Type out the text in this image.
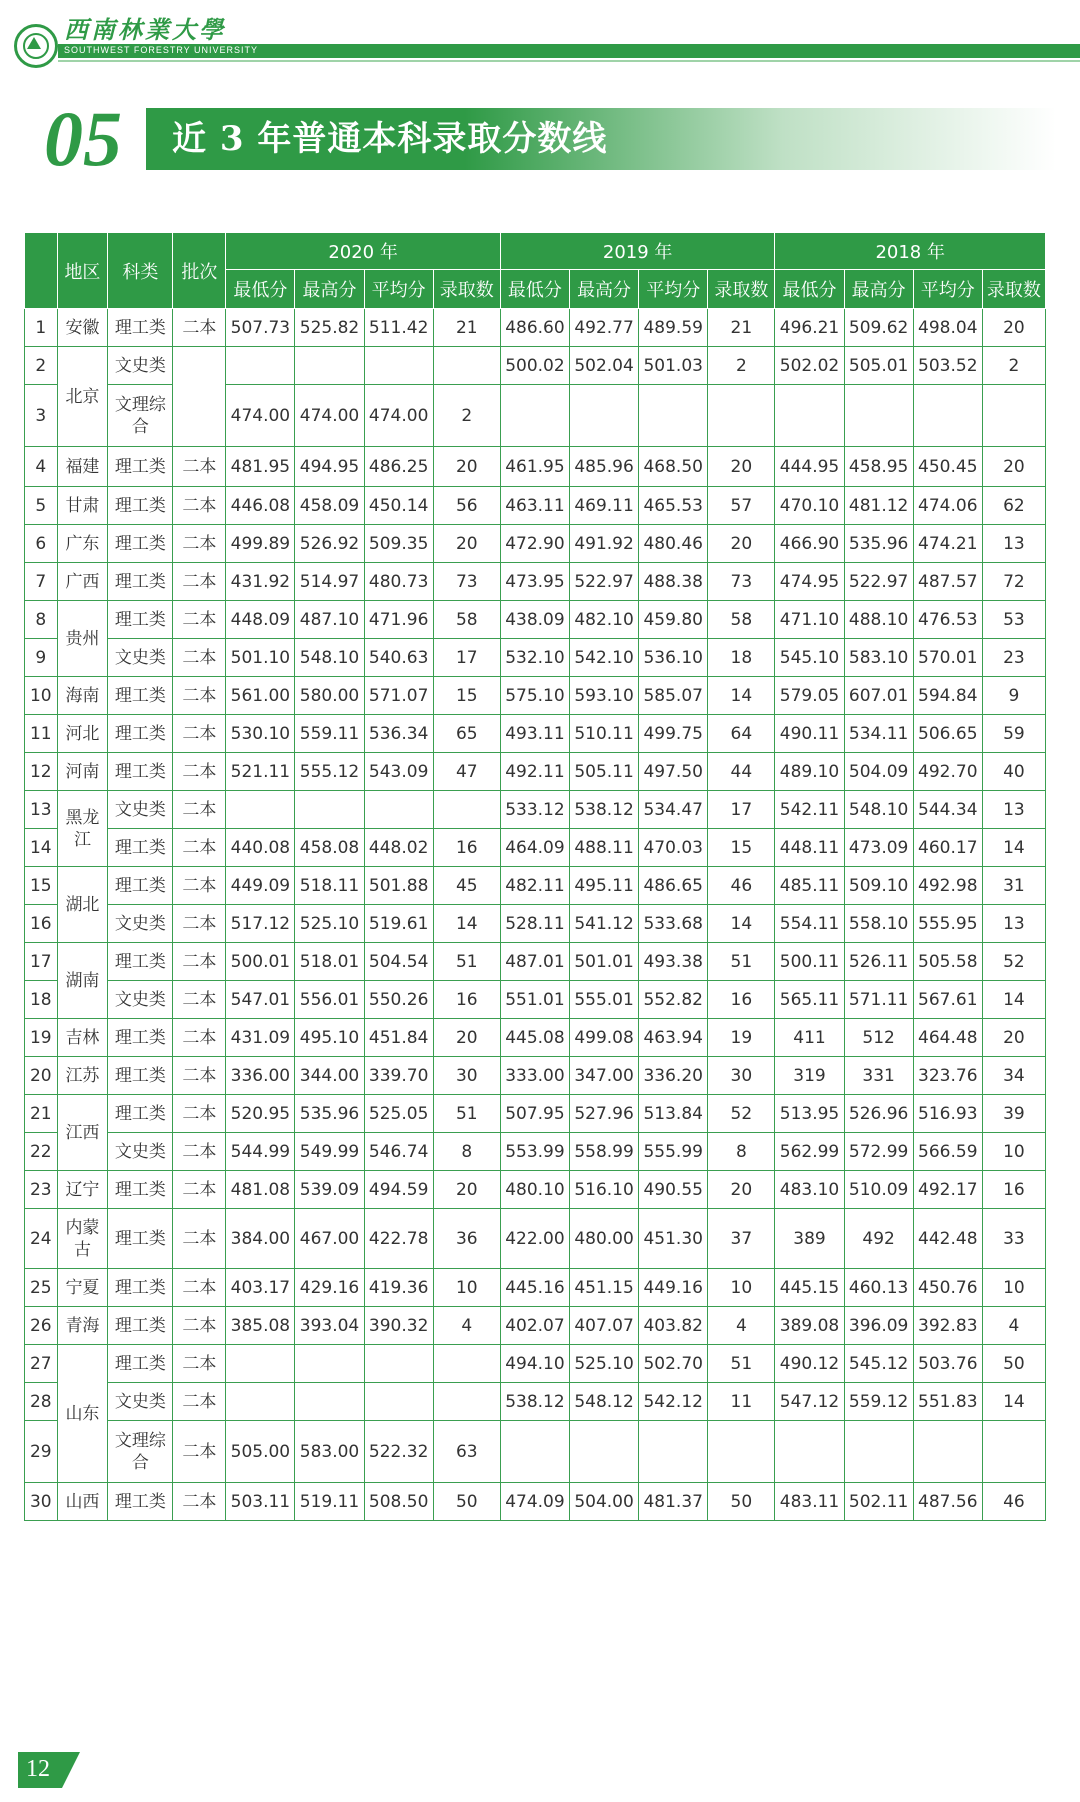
西南林業大學
SOUTHWEST FORESTRY UNIVERSITY
05 近 3 年普通本科录取分数线
	地区	科类	批次	2020 年				2019 年				2018 年			
				最低分	最高分	平均分	录取数	最低分	最高分	平均分	录取数	最低分	最高分	平均分	录取数
1	安徽	理工类	二本	507.73	525.82	511.42	21	486.60	492.77	489.59	21	496.21	509.62	498.04	20
2	北京	文史类						500.02	502.04	501.03	2	502.02	505.01	503.52	2
3		文理综合		474.00	474.00	474.00	2								
4	福建	理工类	二本	481.95	494.95	486.25	20	461.95	485.96	468.50	20	444.95	458.95	450.45	20
5	甘肃	理工类	二本	446.08	458.09	450.14	56	463.11	469.11	465.53	57	470.10	481.12	474.06	62
6	广东	理工类	二本	499.89	526.92	509.35	20	472.90	491.92	480.46	20	466.90	535.96	474.21	13
7	广西	理工类	二本	431.92	514.97	480.73	73	473.95	522.97	488.38	73	474.95	522.97	487.57	72
8	贵州	理工类	二本	448.09	487.10	471.96	58	438.09	482.10	459.80	58	471.10	488.10	476.53	53
9		文史类	二本	501.10	548.10	540.63	17	532.10	542.10	536.10	18	545.10	583.10	570.01	23
10	海南	理工类	二本	561.00	580.00	571.07	15	575.10	593.10	585.07	14	579.05	607.01	594.84	9
11	河北	理工类	二本	530.10	559.11	536.34	65	493.11	510.11	499.75	64	490.11	534.11	506.65	59
12	河南	理工类	二本	521.11	555.12	543.09	47	492.11	505.11	497.50	44	489.10	504.09	492.70	40
13	黑龙江	文史类	二本					533.12	538.12	534.47	17	542.11	548.10	544.34	13
14		理工类	二本	440.08	458.08	448.02	16	464.09	488.11	470.03	15	448.11	473.09	460.17	14
15	湖北	理工类	二本	449.09	518.11	501.88	45	482.11	495.11	486.65	46	485.11	509.10	492.98	31
16		文史类	二本	517.12	525.10	519.61	14	528.11	541.12	533.68	14	554.11	558.10	555.95	13
17	湖南	理工类	二本	500.01	518.01	504.54	51	487.01	501.01	493.38	51	500.11	526.11	505.58	52
18		文史类	二本	547.01	556.01	550.26	16	551.01	555.01	552.82	16	565.11	571.11	567.61	14
19	吉林	理工类	二本	431.09	495.10	451.84	20	445.08	499.08	463.94	19	411	512	464.48	20
20	江苏	理工类	二本	336.00	344.00	339.70	30	333.00	347.00	336.20	30	319	331	323.76	34
21	江西	理工类	二本	520.95	535.96	525.05	51	507.95	527.96	513.84	52	513.95	526.96	516.93	39
22		文史类	二本	544.99	549.99	546.74	8	553.99	558.99	555.99	8	562.99	572.99	566.59	10
23	辽宁	理工类	二本	481.08	539.09	494.59	20	480.10	516.10	490.55	20	483.10	510.09	492.17	16
24	内蒙古	理工类	二本	384.00	467.00	422.78	36	422.00	480.00	451.30	37	389	492	442.48	33
25	宁夏	理工类	二本	403.17	429.16	419.36	10	445.16	451.15	449.16	10	445.15	460.13	450.76	10
26	青海	理工类	二本	385.08	393.04	390.32	4	402.07	407.07	403.82	4	389.08	396.09	392.83	4
27	山东	理工类	二本					494.10	525.10	502.70	51	490.12	545.12	503.76	50
28		文史类	二本					538.12	548.12	542.12	11	547.12	559.12	551.83	14
29		文理综合	二本	505.00	583.00	522.32	63								
30	山西	理工类	二本	503.11	519.11	508.50	50	474.09	504.00	481.37	50	483.11	502.11	487.56	46
12
